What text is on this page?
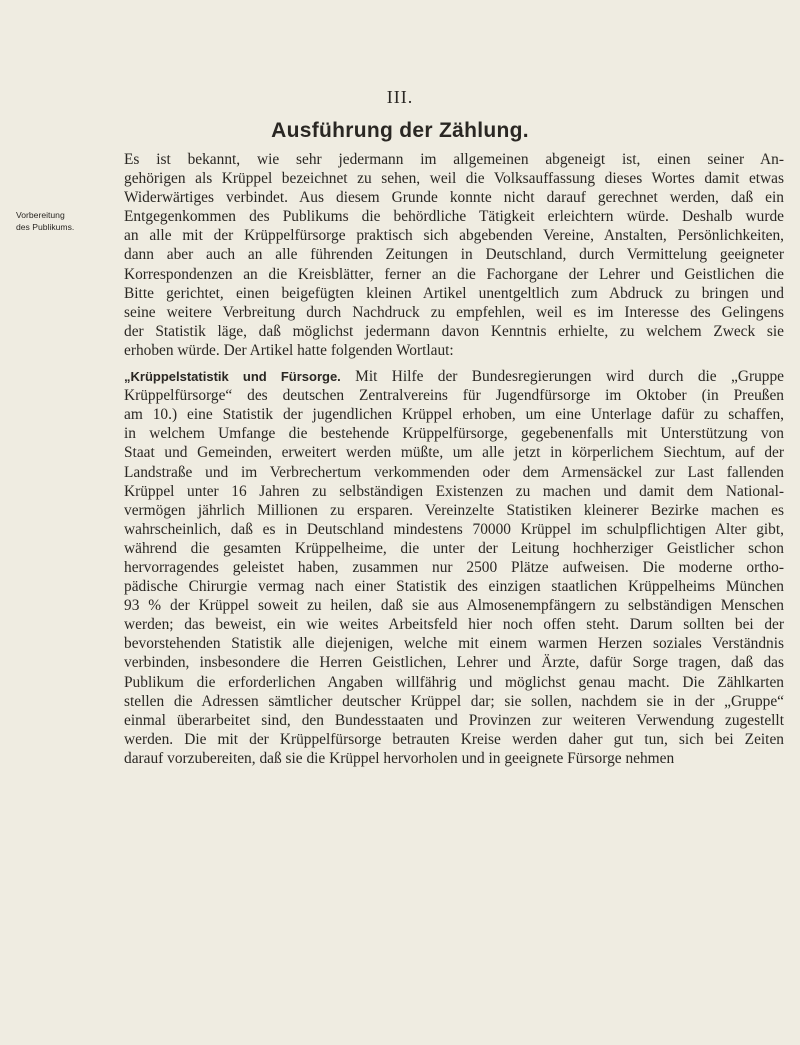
III.
Ausführung der Zählung.
Vorbereitung
des Publikums.
Es ist bekannt, wie sehr jedermann im allgemeinen abgeneigt ist, einen seiner An-
gehörigen als Krüppel bezeichnet zu sehen, weil die Volksauffassung dieses Wortes damit etwas
Widerwärtiges verbindet. Aus diesem Grunde konnte nicht darauf gerechnet werden, daß ein
Entgegenkommen des Publikums die behördliche Tätigkeit erleichtern würde. Deshalb wurde
an alle mit der Krüppelfürsorge praktisch sich abgebenden Vereine, Anstalten, Persönlichkeiten,
dann aber auch an alle führenden Zeitungen in Deutschland, durch Vermittelung geeigneter
Korrespondenzen an die Kreisblätter, ferner an die Fachorgane der Lehrer und Geistlichen die
Bitte gerichtet, einen beigefügten kleinen Artikel unentgeltlich zum Abdruck zu bringen und
seine weitere Verbreitung durch Nachdruck zu empfehlen, weil es im Interesse des Gelingens
der Statistik läge, daß möglichst jedermann davon Kenntnis erhielte, zu welchem Zweck sie
erhoben würde. Der Artikel hatte folgenden Wortlaut:
„Krüppelstatistik und Fürsorge. Mit Hilfe der Bundesregierungen wird durch die „Gruppe
Krüppelfürsorge“ des deutschen Zentralvereins für Jugendfürsorge im Oktober (in Preußen
am 10.) eine Statistik der jugendlichen Krüppel erhoben, um eine Unterlage dafür zu schaffen,
in welchem Umfange die bestehende Krüppelfürsorge, gegebenenfalls mit Unterstützung von
Staat und Gemeinden, erweitert werden müßte, um alle jetzt in körperlichem Siechtum, auf der
Landstraße und im Verbrechertum verkommenden oder dem Armensäckel zur Last fallenden
Krüppel unter 16 Jahren zu selbständigen Existenzen zu machen und damit dem National-
vermögen jährlich Millionen zu ersparen. Vereinzelte Statistiken kleinerer Bezirke machen es
wahrscheinlich, daß es in Deutschland mindestens 70000 Krüppel im schulpflichtigen Alter gibt,
während die gesamten Krüppelheime, die unter der Leitung hochherziger Geistlicher schon
hervorragendes geleistet haben, zusammen nur 2500 Plätze aufweisen. Die moderne ortho-
pädische Chirurgie vermag nach einer Statistik des einzigen staatlichen Krüppelheims München
93 % der Krüppel soweit zu heilen, daß sie aus Almosenempfängern zu selbständigen Menschen
werden; das beweist, ein wie weites Arbeitsfeld hier noch offen steht. Darum sollten bei der
bevorstehenden Statistik alle diejenigen, welche mit einem warmen Herzen soziales Verständnis
verbinden, insbesondere die Herren Geistlichen, Lehrer und Ärzte, dafür Sorge tragen, daß das
Publikum die erforderlichen Angaben willfährig und möglichst genau macht. Die Zählkarten
stellen die Adressen sämtlicher deutscher Krüppel dar; sie sollen, nachdem sie in der „Gruppe“
einmal überarbeitet sind, den Bundesstaaten und Provinzen zur weiteren Verwendung zugestellt
werden. Die mit der Krüppelfürsorge betrauten Kreise werden daher gut tun, sich bei Zeiten
darauf vorzubereiten, daß sie die Krüppel hervorholen und in geeignete Fürsorge nehmen
